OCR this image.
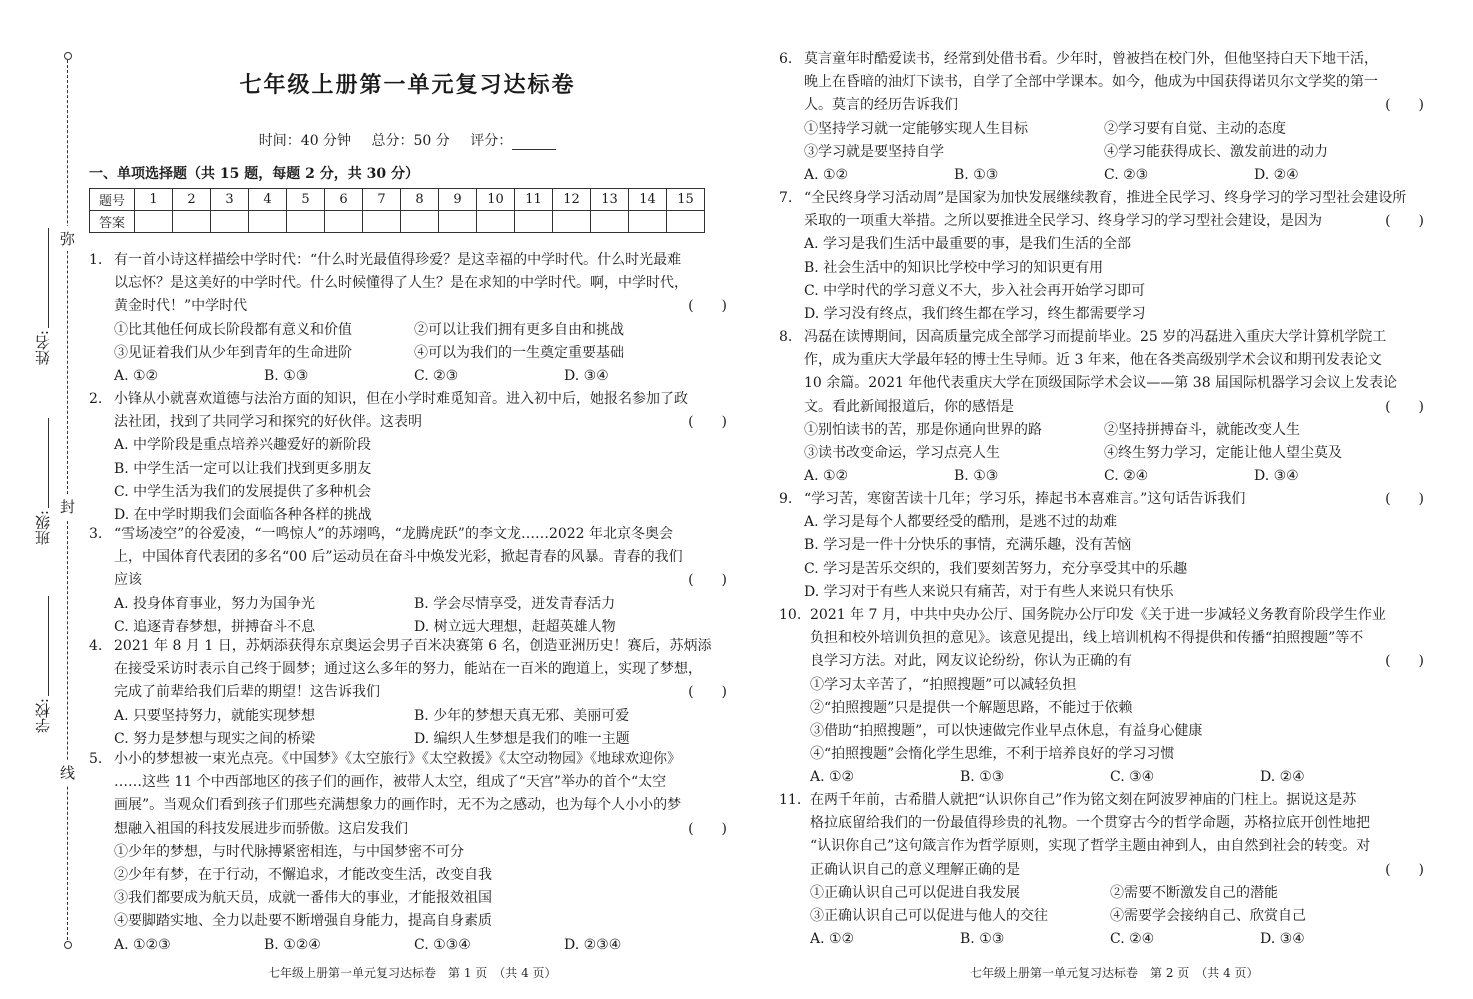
弥
封
线
姓名:
班级:
学校:
七年级上册第一单元复习达标卷
时间：40 分钟 总分：50 分 评分：
一、单项选择题（共 15 题，每题 2 分，共 30 分）
题号	1	2	3	4	5	6	7	8	9	10	11	12	13	14	15
答案															
1. 有一首小诗这样描绘中学时代：“什么时光最值得珍爱？是这幸福的中学时代。什么时光最难
以忘怀？是这美好的中学时代。什么时候懂得了人生？是在求知的中学时代。啊，中学时代，
黄金时代！”中学时代	(　　)
①比其他任何成长阶段都有意义和价值	②可以让我们拥有更多自由和挑战
③见证着我们从少年到青年的生命进阶	④可以为我们的一生奠定重要基础
A. ①②	B. ①③	C. ②③	D. ③④
2. 小锋从小就喜欢道德与法治方面的知识，但在小学时难觅知音。进入初中后，她报名参加了政
法社团，找到了共同学习和探究的好伙伴。这表明	(　　)
A. 中学阶段是重点培养兴趣爱好的新阶段
B. 中学生活一定可以让我们找到更多朋友
C. 中学生活为我们的发展提供了多种机会
D. 在中学时期我们会面临各种各样的挑战
3. “雪场凌空”的谷爱凌，“一鸣惊人”的苏翊鸣，“龙腾虎跃”的李文龙……2022 年北京冬奥会
上，中国体育代表团的多名“00 后”运动员在奋斗中焕发光彩，掀起青春的风暴。青春的我们
应该	(　　)
A. 投身体育事业，努力为国争光	B. 学会尽情享受，迸发青春活力
C. 追逐青春梦想，拼搏奋斗不息	D. 树立远大理想，赶超英雄人物
4. 2021 年 8 月 1 日，苏炳添获得东京奥运会男子百米决赛第 6 名，创造亚洲历史！赛后，苏炳添
在接受采访时表示自己终于圆梦；通过这么多年的努力，能站在一百米的跑道上，实现了梦想，
完成了前辈给我们后辈的期望！这告诉我们	(　　)
A. 只要坚持努力，就能实现梦想	B. 少年的梦想天真无邪、美丽可爱
C. 努力是梦想与现实之间的桥梁	D. 编织人生梦想是我们的唯一主题
5. 小小的梦想被一束光点亮。《中国梦》《太空旅行》《太空救援》《太空动物园》《地球欢迎你》
……这些 11 个中西部地区的孩子们的画作，被带人太空，组成了“天宫”举办的首个“太空
画展”。当观众们看到孩子们那些充满想象力的画作时，无不为之感动，也为每个人小小的梦
想融入祖国的科技发展进步而骄傲。这启发我们	(　　)
①少年的梦想，与时代脉搏紧密相连，与中国梦密不可分
②少年有梦，在于行动，不懈追求，才能改变生活，改变自我
③我们都要成为航天员，成就一番伟大的事业，才能报效祖国
④要脚踏实地、全力以赴要不断增强自身能力，提高自身素质
A. ①②③	B. ①②④	C. ①③④	D. ②③④
七年级上册第一单元复习达标卷　第 1 页　（共 4 页）
6. 莫言童年时酷爱读书，经常到处借书看。少年时，曾被挡在校门外，但他坚持白天下地干活，
晚上在昏暗的油灯下读书，自学了全部中学课本。如今，他成为中国获得诺贝尔文学奖的第一
人。莫言的经历告诉我们	(　　)
①坚持学习就一定能够实现人生目标	②学习要有自觉、主动的态度
③学习就是要坚持自学	④学习能获得成长、激发前进的动力
A. ①②	B. ①③	C. ②③	D. ②④
7. “全民终身学习活动周”是国家为加快发展继续教育，推进全民学习、终身学习的学习型社会建设所
采取的一项重大举措。之所以要推进全民学习、终身学习的学习型社会建设，是因为	(　　)
A. 学习是我们生活中最重要的事，是我们生活的全部
B. 社会生活中的知识比学校中学习的知识更有用
C. 中学时代的学习意义不大，步入社会再开始学习即可
D. 学习没有终点，我们终生都在学习，终生都需要学习
8. 冯磊在读博期间，因高质量完成全部学习而提前毕业。25 岁的冯磊进入重庆大学计算机学院工
作，成为重庆大学最年轻的博士生导师。近 3 年来，他在各类高级别学术会议和期刊发表论文
10 余篇。2021 年他代表重庆大学在顶级国际学术会议——第 38 届国际机器学习会议上发表论
文。看此新闻报道后，你的感悟是	(　　)
①别怕读书的苦，那是你通向世界的路	②坚持拼搏奋斗，就能改变人生
③读书改变命运，学习点亮人生	④终生努力学习，定能让他人望尘莫及
A. ①②	B. ①③	C. ②④	D. ③④
9. “学习苦，寒窗苦读十几年；学习乐，捧起书本喜难言。”这句话告诉我们	(　　)
A. 学习是每个人都要经受的酷刑，是逃不过的劫难
B. 学习是一件十分快乐的事情，充满乐趣，没有苦恼
C. 学习是苦乐交织的，我们要刻苦努力，充分享受其中的乐趣
D. 学习对于有些人来说只有痛苦，对于有些人来说只有快乐
10. 2021 年 7 月，中共中央办公厅、国务院办公厅印发《关于进一步减轻义务教育阶段学生作业
负担和校外培训负担的意见》。该意见提出，线上培训机构不得提供和传播“拍照搜题”等不
良学习方法。对此，网友议论纷纷，你认为正确的有	(　　)
①学习太辛苦了，“拍照搜题”可以减轻负担
②“拍照搜题”只是提供一个解题思路，不能过于依赖
③借助“拍照搜题”，可以快速做完作业早点休息，有益身心健康
④“拍照搜题”会惰化学生思维，不利于培养良好的学习习惯
A. ①②	B. ①③	C. ③④	D. ②④
11. 在两千年前，古希腊人就把“认识你自己”作为铭文刻在阿波罗神庙的门柱上。据说这是苏
格拉底留给我们的一份最值得珍贵的礼物。一个贯穿古今的哲学命题，苏格拉底开创性地把
“认识你自己”这句箴言作为哲学原则，实现了哲学主题由神到人，由自然到社会的转变。对
正确认识自己的意义理解正确的是	(　　)
①正确认识自己可以促进自我发展	②需要不断激发自己的潜能
③正确认识自己可以促进与他人的交往	④需要学会接纳自己、欣赏自己
A. ①②	B. ①③	C. ②④	D. ③④
七年级上册第一单元复习达标卷　第 2 页　（共 4 页）
